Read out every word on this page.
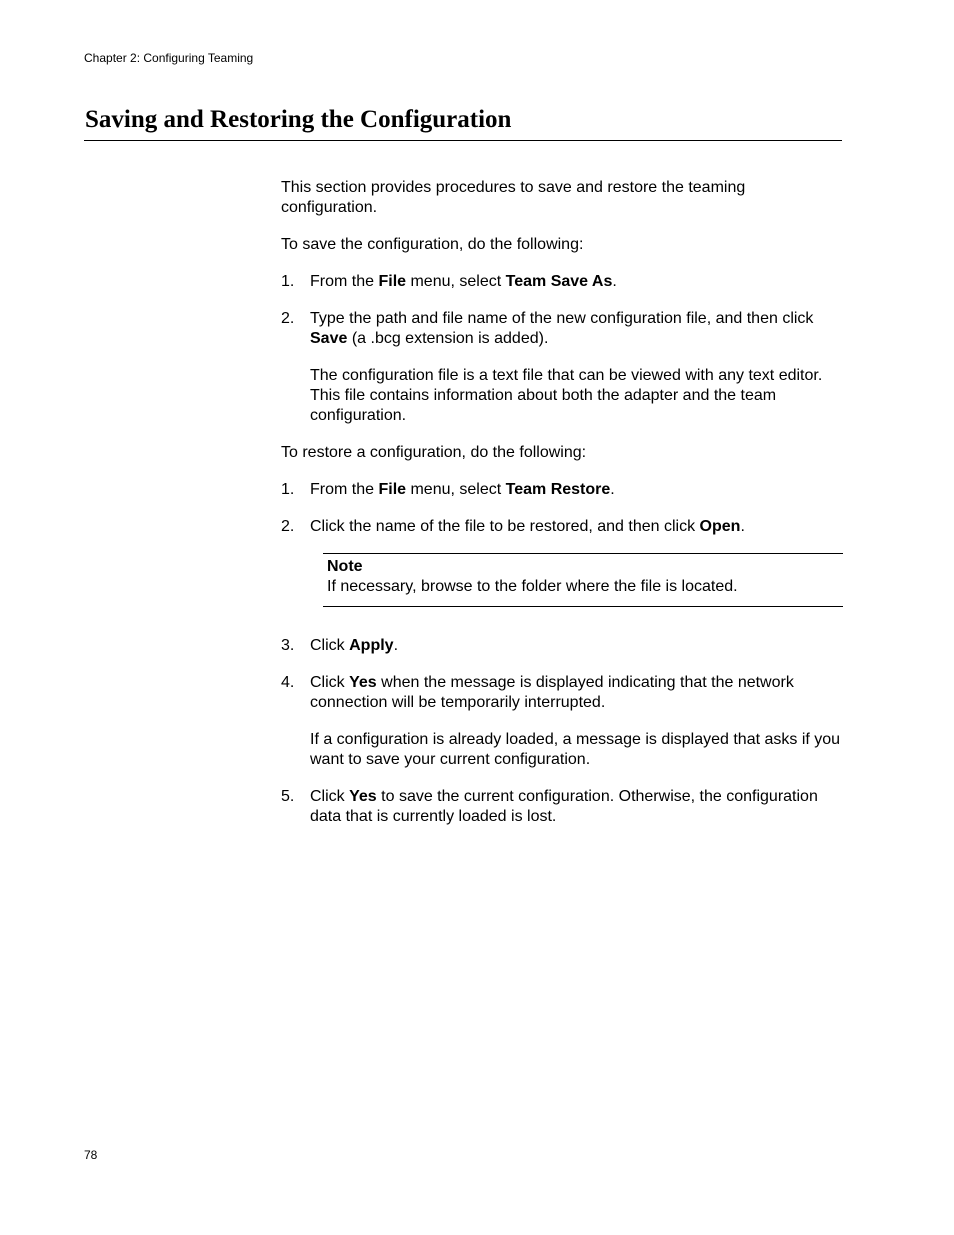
Chapter 2: Configuring Teaming
Saving and Restoring the Configuration

This section provides procedures to save and restore the teaming configuration.

To save the configuration, do the following:

1. From the File menu, select Team Save As.
2. Type the path and file name of the new configuration file, and then click Save (a .bcg extension is added).
The configuration file is a text file that can be viewed with any text editor. This file contains information about both the adapter and the team configuration.

To restore a configuration, do the following:

1. From the File menu, select Team Restore.
2. Click the name of the file to be restored, and then click Open.
Note
If necessary, browse to the folder where the file is located.
3. Click Apply.
4. Click Yes when the message is displayed indicating that the network connection will be temporarily interrupted.
If a configuration is already loaded, a message is displayed that asks if you want to save your current configuration.
5. Click Yes to save the current configuration. Otherwise, the configuration data that is currently loaded is lost.
78
